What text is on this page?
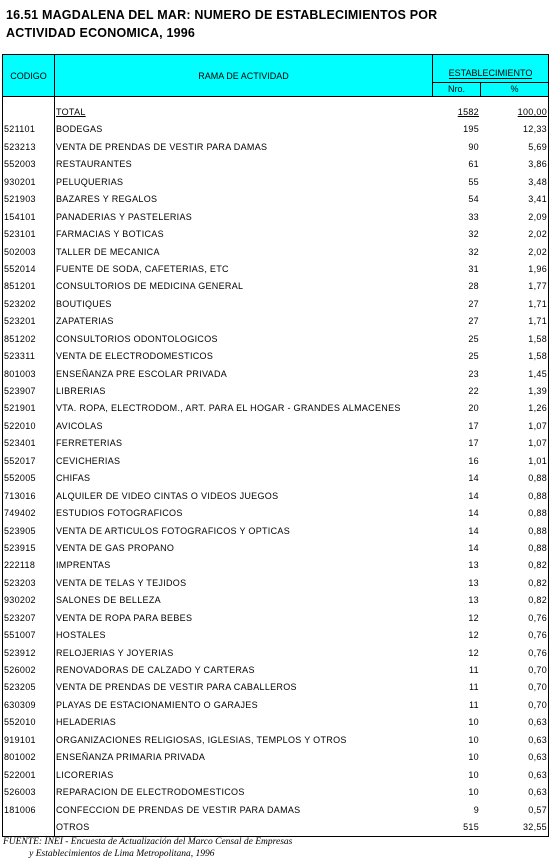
16.51 MAGDALENA DEL MAR: NUMERO DE ESTABLECIMIENTOS POR
ACTIVIDAD ECONOMICA, 1996
CODIGO	RAMA DE ACTIVIDAD	ESTABLECIMIENTO
Nro.	%
TOTAL	1582	100,00
521101 BODEGAS	195	12,33
523213 VENTA DE PRENDAS DE VESTIR PARA DAMAS	90	5,69
552003 RESTAURANTES	61	3,86
930201 PELUQUERIAS	55	3,48
521903 BAZARES Y REGALOS	54	3,41
154101 PANADERIAS Y PASTELERIAS	33	2,09
523101 FARMACIAS Y BOTICAS	32	2,02
502003 TALLER DE MECANICA	32	2,02
552014 FUENTE DE SODA, CAFETERIAS, ETC	31	1,96
851201 CONSULTORIOS DE MEDICINA GENERAL	28	1,77
523202 BOUTIQUES	27	1,71
523201 ZAPATERIAS	27	1,71
851202 CONSULTORIOS ODONTOLOGICOS	25	1,58
523311 VENTA DE ELECTRODOMESTICOS	25	1,58
801003 ENSEÑANZA PRE ESCOLAR PRIVADA	23	1,45
523907 LIBRERIAS	22	1,39
521901 VTA. ROPA, ELECTRODOM., ART. PARA EL HOGAR - GRANDES ALMACENES	20	1,26
522010 AVICOLAS	17	1,07
523401 FERRETERIAS	17	1,07
552017 CEVICHERIAS	16	1,01
552005 CHIFAS	14	0,88
713016 ALQUILER DE VIDEO CINTAS O VIDEOS JUEGOS	14	0,88
749402 ESTUDIOS FOTOGRAFICOS	14	0,88
523905 VENTA DE ARTICULOS FOTOGRAFICOS Y OPTICAS	14	0,88
523915 VENTA DE GAS PROPANO	14	0,88
222118 IMPRENTAS	13	0,82
523203 VENTA DE TELAS Y TEJIDOS	13	0,82
930202 SALONES DE BELLEZA	13	0,82
523207 VENTA DE ROPA PARA BEBES	12	0,76
551007 HOSTALES	12	0,76
523912 RELOJERIAS Y JOYERIAS	12	0,76
526002 RENOVADORAS DE CALZADO Y CARTERAS	11	0,70
523205 VENTA DE PRENDAS DE VESTIR PARA CABALLEROS	11	0,70
630309 PLAYAS DE ESTACIONAMIENTO O GARAJES	11	0,70
552010 HELADERIAS	10	0,63
919101 ORGANIZACIONES RELIGIOSAS, IGLESIAS, TEMPLOS Y OTROS	10	0,63
801002 ENSEÑANZA PRIMARIA PRIVADA	10	0,63
522001 LICORERIAS	10	0,63
526003 REPARACION DE ELECTRODOMESTICOS	10	0,63
181006 CONFECCION DE PRENDAS DE VESTIR PARA DAMAS	9	0,57
OTROS	515	32,55
FUENTE: INEI - Encuesta de Actualización del Marco Censal de Empresas
y Establecimientos de Lima Metropolitana, 1996
